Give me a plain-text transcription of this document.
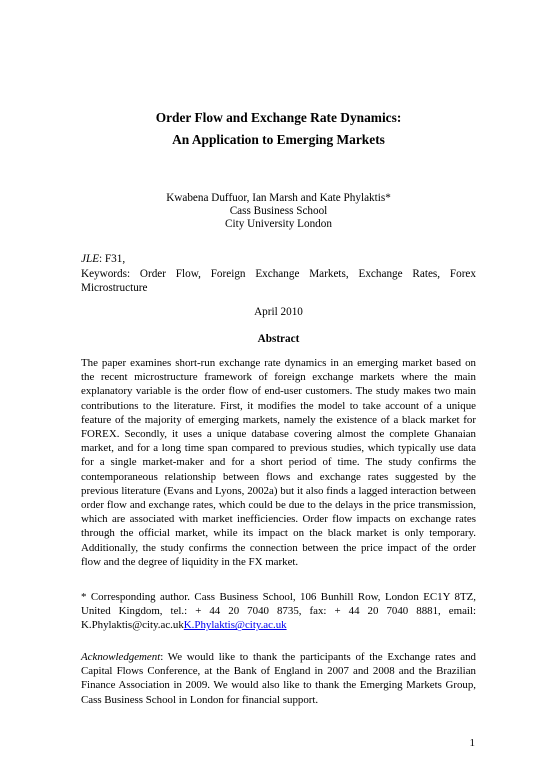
Order Flow and Exchange Rate Dynamics:
An Application to Emerging Markets
Kwabena Duffuor, Ian Marsh and Kate Phylaktis*
Cass Business School
City University London
JLE: F31,
Keywords: Order Flow, Foreign Exchange Markets, Exchange Rates, Forex Microstructure
April 2010
Abstract
The paper examines short-run exchange rate dynamics in an emerging market based on the recent microstructure framework of foreign exchange markets where the main explanatory variable is the order flow of end-user customers. The study makes two main contributions to the literature. First, it modifies the model to take account of a unique feature of the majority of emerging markets, namely the existence of a black market for FOREX. Secondly, it uses a unique database covering almost the complete Ghanaian market, and for a long time span compared to previous studies, which typically use data for a single market-maker and for a short period of time. The study confirms the contemporaneous relationship between flows and exchange rates suggested by the previous literature (Evans and Lyons, 2002a) but it also finds a lagged interaction between order flow and exchange rates, which could be due to the delays in the price transmission, which are associated with market inefficiencies. Order flow impacts on exchange rates through the official market, while its impact on the black market is only temporary. Additionally, the study confirms the connection between the price impact of the order flow and the degree of liquidity in the FX market.
* Corresponding author. Cass Business School, 106 Bunhill Row, London EC1Y 8TZ, United Kingdom, tel.: + 44 20 7040 8735, fax: + 44 20 7040 8881, email: K.Phylaktis@city.ac.ukK.Phylaktis@city.ac.uk
Acknowledgement: We would like to thank the participants of the Exchange rates and Capital Flows Conference, at the Bank of England in 2007 and 2008 and the Brazilian Finance Association in 2009. We would also like to thank the Emerging Markets Group, Cass Business School in London for financial support.
1
